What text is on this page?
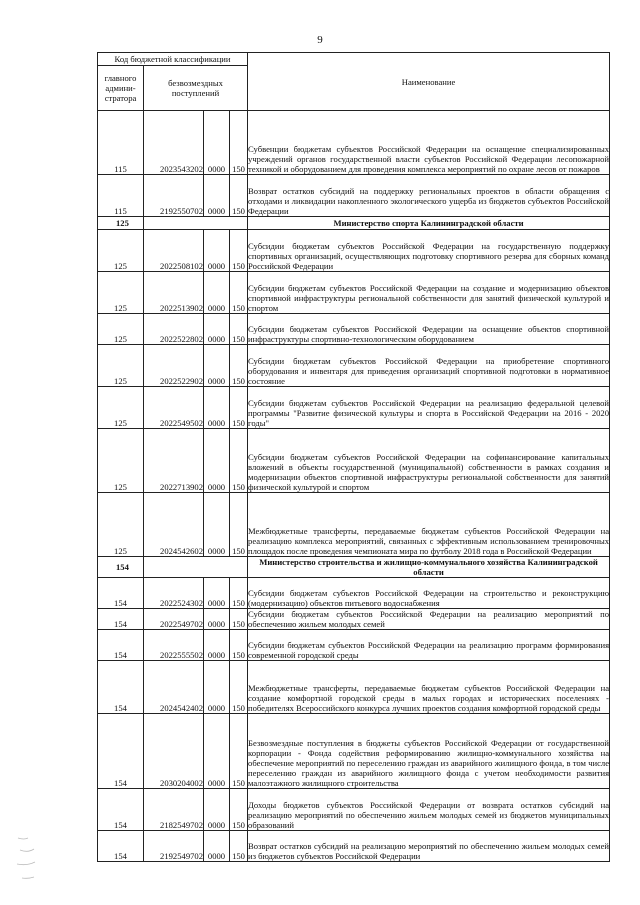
9
Код бюджетной классификации				Наименование
главного админи-стратора	безвозмездных поступлений			
115	2023543202	0000	150	Субвенции бюджетам субъектов Российской Федерации на оснащение специализированных учреждений органов государственной власти субъектов Российской Федерации лесопожарной техникой и оборудованием для проведения комплекса мероприятий по охране лесов от пожаров
115	2192550702	0000	150	Возврат остатков субсидий на поддержку региональных проектов в области обращения с отходами и ликвидации накопленного экологического ущерба из бюджетов субъектов Российской Федерации
125				Министерство спорта Калининградской области
125	2022508102	0000	150	Субсидии бюджетам субъектов Российской Федерации на государственную поддержку спортивных организаций, осуществляющих подготовку спортивного резерва для сборных команд Российской Федерации
125	2022513902	0000	150	Субсидии бюджетам субъектов Российской Федерации на создание и модернизацию объектов спортивной инфраструктуры региональной собственности для занятий физической культурой и спортом
125	2022522802	0000	150	Субсидии бюджетам субъектов Российской Федерации на оснащение объектов спортивной инфраструктуры спортивно-технологическим оборудованием
125	2022522902	0000	150	Субсидии бюджетам субъектов Российской Федерации на приобретение спортивного оборудования и инвентаря для приведения организаций спортивной подготовки в нормативное состояние
125	2022549502	0000	150	Субсидии бюджетам субъектов Российской Федерации на реализацию федеральной целевой программы "Развитие физической культуры и спорта в Российской Федерации на 2016 - 2020 годы"
125	2022713902	0000	150	Субсидии бюджетам субъектов Российской Федерации на софинансирование капитальных вложений в объекты государственной (муниципальной) собственности в рамках создания и модернизации объектов спортивной инфраструктуры региональной собственности для занятий физической культурой и спортом
125	2024542602	0000	150	Межбюджетные трансферты, передаваемые бюджетам субъектов Российской Федерации на реализацию комплекса мероприятий, связанных с эффективным использованием тренировочных площадок после проведения чемпионата мира по футболу 2018 года в Российской Федерации
154				Министерство строительства и жилищно-коммунального хозяйства Калининградской области
154	2022524302	0000	150	Субсидии бюджетам субъектов Российской Федерации на строительство и реконструкцию (модернизацию) объектов питьевого водоснабжения
154	2022549702	0000	150	Субсидии бюджетам субъектов Российской Федерации на реализацию мероприятий по обеспечению жильем молодых семей
154	2022555502	0000	150	Субсидии бюджетам субъектов Российской Федерации на реализацию программ формирования современной городской среды
154	2024542402	0000	150	Межбюджетные трансферты, передаваемые бюджетам субъектов Российской Федерации на создание комфортной городской среды в малых городах и исторических поселениях - победителях Всероссийского конкурса лучших проектов создания комфортной городской среды
154	2030204002	0000	150	Безвозмездные поступления в бюджеты субъектов Российской Федерации от государственной корпорации - Фонда содействия реформированию жилищно-коммунального хозяйства на обеспечение мероприятий по переселению граждан из аварийного жилищного фонда, в том числе переселению граждан из аварийного жилищного фонда с учетом необходимости развития малоэтажного жилищного строительства
154	2182549702	0000	150	Доходы бюджетов субъектов Российской Федерации от возврата остатков субсидий на реализацию мероприятий по обеспечению жильем молодых семей из бюджетов муниципальных образований
154	2192549702	0000	150	Возврат остатков субсидий на реализацию мероприятий по обеспечению жильем молодых семей из бюджетов субъектов Российской Федерации
